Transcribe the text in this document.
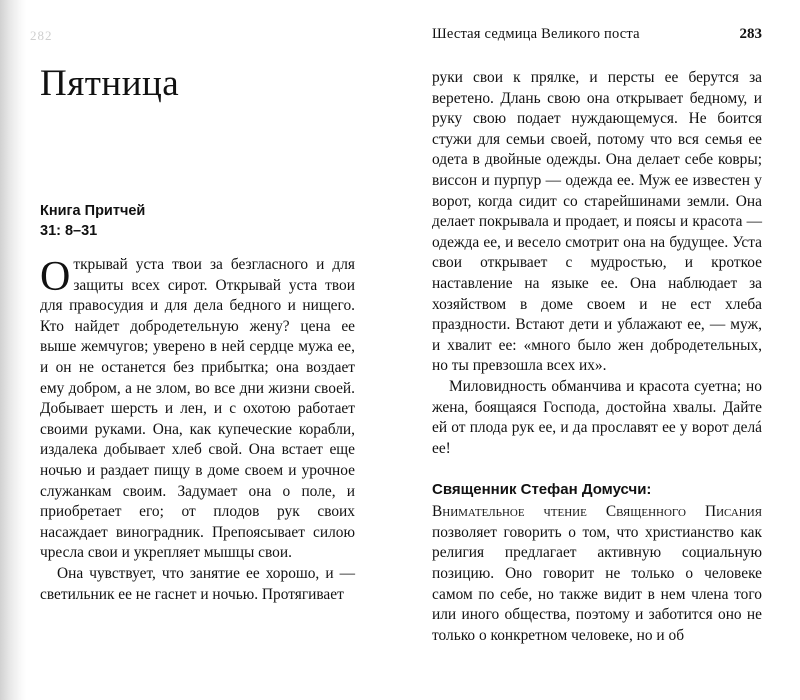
282
Пятница
Книга Притчей
31: 8–31

Открывай уста твои за безгласного и для защиты всех сирот. Открывай уста твои для правосудия и для дела бедного и нищего. Кто найдет добродетельную жену? цена ее выше жемчугов; уверено в ней сердце мужа ее, и он не останется без прибытка; она воздает ему добром, а не злом, во все дни жизни своей. Добывает шерсть и лен, и с охотою работает своими руками. Она, как купеческие корабли, издалека добывает хлеб свой. Она встает еще ночью и раздает пищу в доме своем и урочное служанкам своим. Задумает она о поле, и приобретает его; от плодов рук своих насаждает виноградник. Препоясывает силою чресла свои и укрепляет мышцы свои.

Она чувствует, что занятие ее хорошо, и — светильник ее не гаснет и ночью. Протягивает

Шестая седмица Великого поста	283

руки свои к прялке, и персты ее берутся за веретено. Длань свою она открывает бедному, и руку свою подает нуждающемуся. Не боится стужи для семьи своей, потому что вся семья ее одета в двойные одежды. Она делает себе ковры; виссон и пурпур — одежда ее. Муж ее известен у ворот, когда сидит со старейшинами земли. Она делает покрывала и продает, и поясы и красота — одежда ее, и весело смотрит она на будущее. Уста свои открывает с мудростью, и кроткое наставление на языке ее. Она наблюдает за хозяйством в доме своем и не ест хлеба праздности. Встают дети и ублажают ее, — муж, и хвалит ее: «много было жен добродетельных, но ты превзошла всех их».

Миловидность обманчива и красота суетна; но жена, боящаяся Господа, достойна хвалы. Дайте ей от плода рук ее, и да прославят ее у ворот делá ее!

Священник Стефан Домусчи:

Внимательное чтение Священного Писания позволяет говорить о том, что христианство как религия предлагает активную социальную позицию. Оно говорит не только о человеке самом по себе, но также видит в нем члена того или иного общества, поэтому и заботится оно не только о конкретном человеке, но и об
